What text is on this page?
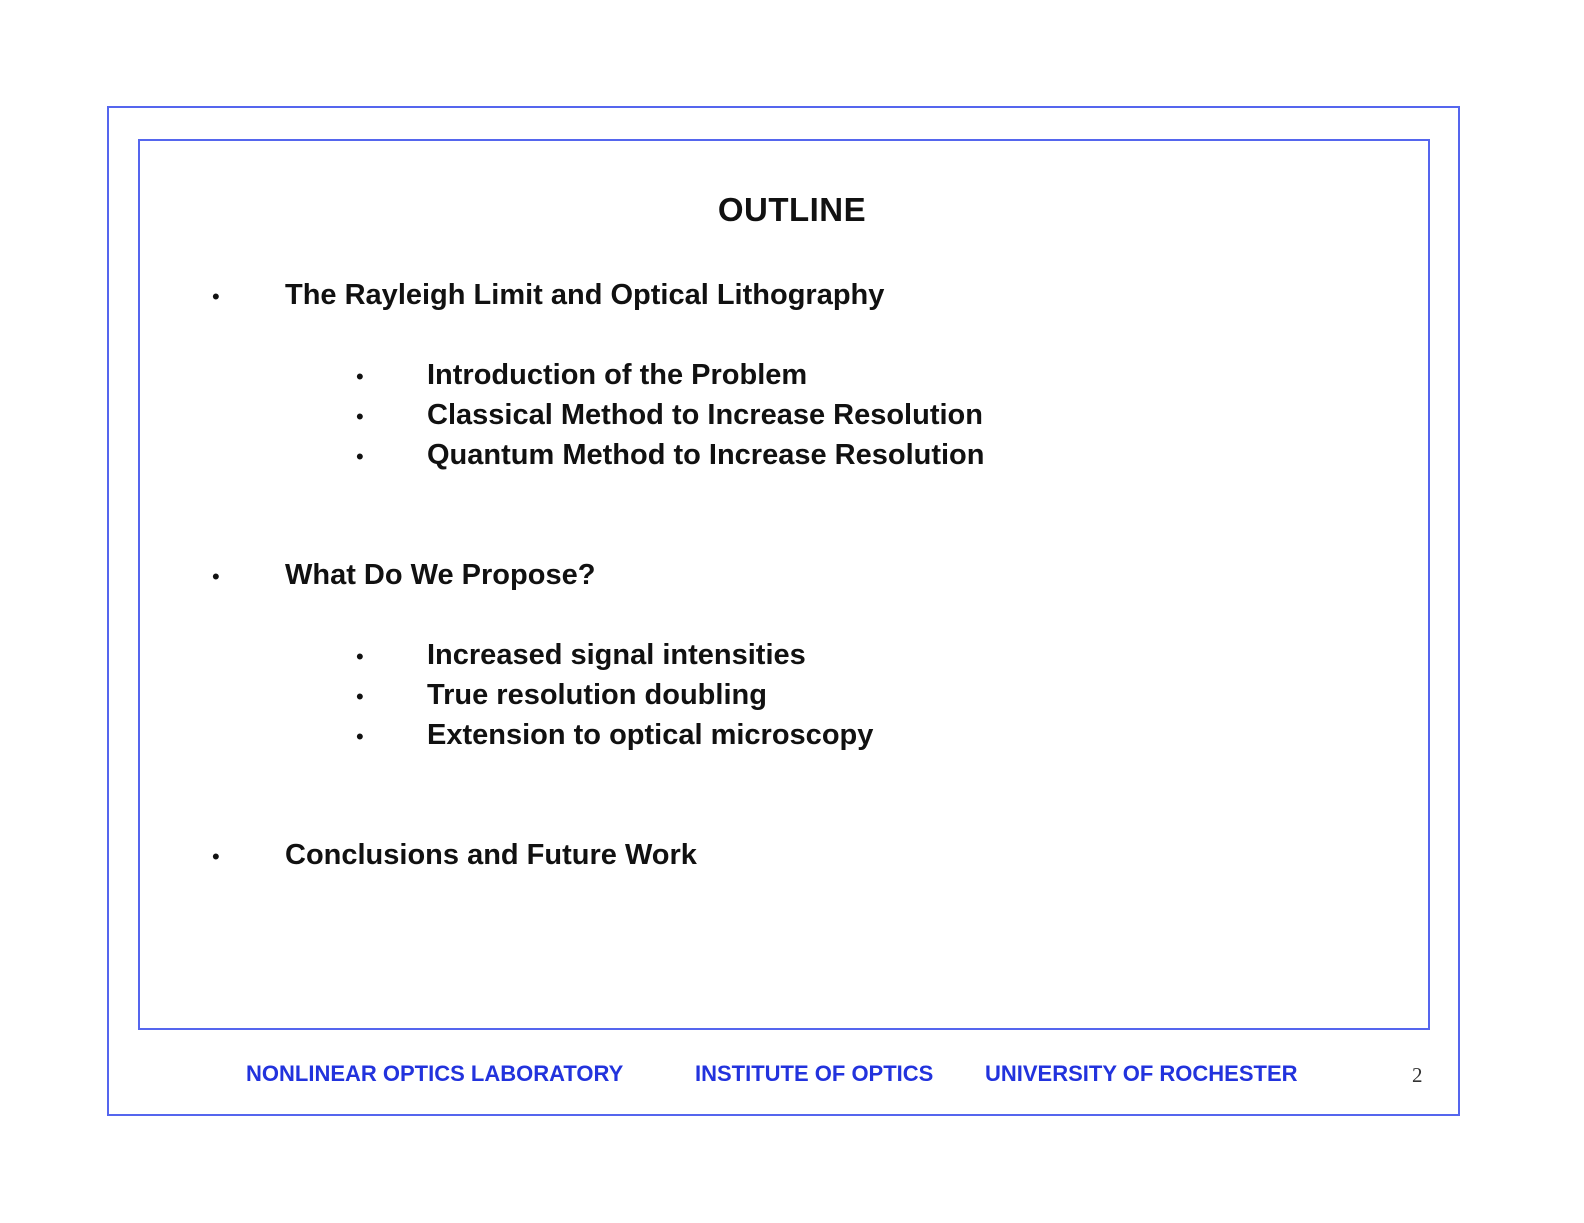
OUTLINE
• The Rayleigh Limit and Optical Lithography
• Introduction of the Problem
• Classical Method to Increase Resolution
• Quantum Method to Increase Resolution
• What Do We Propose?
• Increased signal intensities
• True resolution doubling
• Extension to optical microscopy
• Conclusions and Future Work
NONLINEAR OPTICS LABORATORY	INSTITUTE OF OPTICS UNIVERSITY OF ROCHESTER	2
